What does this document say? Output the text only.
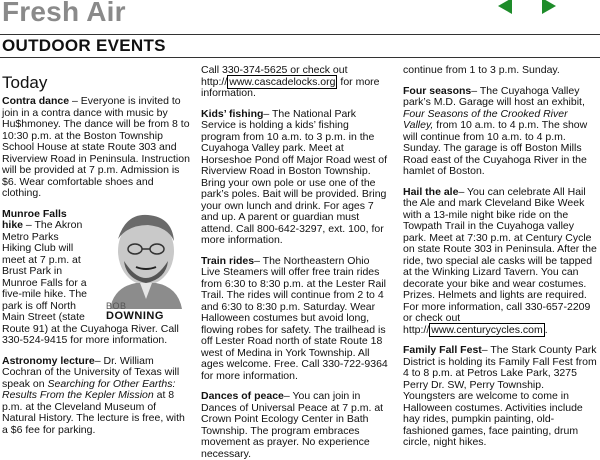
Fresh Air
OUTDOOR EVENTS
Today

Contra dance – Everyone is invited to join in a contra dance with music by Hu$hmoney. The dance will be from 8 to 10:30 p.m. at the Boston Township School House at state Route 303 and Riverview Road in Peninsula. Instruction will be provided at 7 p.m. Admission is $6. Wear comfortable shoes and clothing.

BOB
DOWNING

Munroe Falls hike – The Akron Metro Parks Hiking Club will meet at 7 p.m. at Brust Park in Munroe Falls for a five-mile hike. The park is off North Main Street (state Route 91) at the Cuyahoga River. Call 330-524-9415 for more information.

Astronomy lecture– Dr. William Cochran of the University of Texas will speak on Searching for Other Earths: Results From the Kepler Mission at 8 p.m. at the Cleveland Museum of Natural History. The lecture is free, with a $6 fee for parking.

Call 330-374-5625 or check out http:// www.cascadelocks.org for more information.

Kids’ fishing– The National Park Service is holding a kids’ fishing program from 10 a.m. to 3 p.m. in the Cuyahoga Valley park. Meet at Horseshoe Pond off Major Road west of Riverview Road in Boston Township. Bring your own pole or use one of the park’s poles. Bait will be provided. Bring your own lunch and drink. For ages 7 and up. A parent or guardian must attend. Call 800-642-3297, ext. 100, for more information.

Train rides– The Northeastern Ohio Live Steamers will offer free train rides from 6:30 to 8:30 p.m. at the Lester Rail Trail. The rides will continue from 2 to 4 and 6:30 to 8:30 p.m. Saturday. Wear Halloween costumes but avoid long, flowing robes for safety. The trailhead is off Lester Road north of state Route 18 west of Medina in York Township. All ages welcome. Free. Call 330-722-9364 for more information.

Dances of peace– You can join in Dances of Universal Peace at 7 p.m. at Crown Point Ecology Center in Bath Township. The program embraces movement as prayer. No experience necessary.

continue from 1 to 3 p.m. Sunday.

Four seasons– The Cuyahoga Valley park’s M.D. Garage will host an exhibit, Four Seasons of the Crooked River Valley, from 10 a.m. to 4 p.m. The show will continue from 10 a.m. to 4 p.m. Sunday. The garage is off Boston Mills Road east of the Cuyahoga River in the hamlet of Boston.

Hail the ale– You can celebrate All Hail the Ale and mark Cleveland Bike Week with a 13-mile night bike ride on the Towpath Trail in the Cuyahoga valley park. Meet at 7:30 p.m. at Century Cycle on state Route 303 in Peninsula. After the ride, two special ale casks will be tapped at the Winking Lizard Tavern. You can decorate your bike and wear costumes. Prizes. Helmets and lights are required. For more information, call 330-657-2209 or check out http:// www.centurycycles.com .

Family Fall Fest– The Stark County Park District is holding its Family Fall Fest from 4 to 8 p.m. at Petros Lake Park, 3275 Perry Dr. SW, Perry Township. Youngsters are welcome to come in Halloween costumes. Activities include hay rides, pumpkin painting, old-fashioned games, face painting, drum circle, night hikes.
